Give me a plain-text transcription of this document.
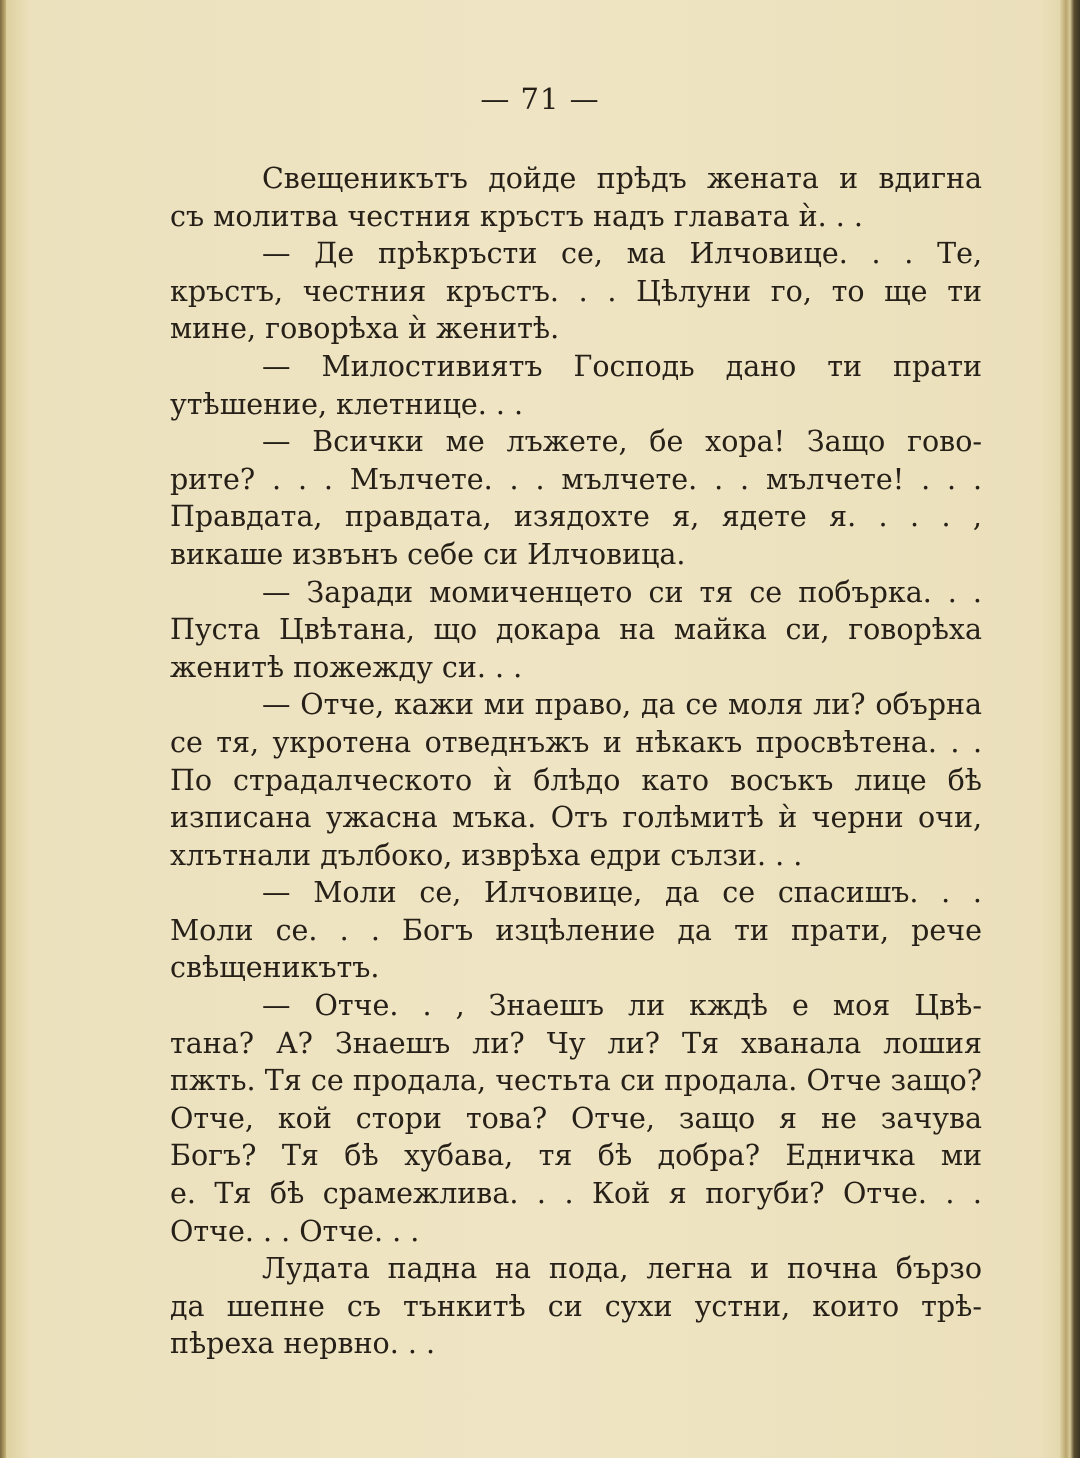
— 71 —
Свещеникътъ дойде прѣдъ жената и вдигна
съ молитва честния кръстъ надъ главата ѝ. . .
— Де прѣкръсти се, ма Илчовице. . . Те,
кръстъ, честния кръстъ. . . Цѣлуни го, то ще ти
мине, говорѣха ѝ женитѣ.
— Милостивиятъ Господь дано ти прати
утѣшение, клетнице. . .
— Всички ме лъжете, бе хора! Защо гово-
рите? . . . Мълчете. . . мълчете. . . мълчете! . . .
Правдата, правдата, изядохте я, ядете я. . . . ,
викаше извънъ себе си Илчовица.
— Заради момиченцето си тя се побърка. . .
Пуста Цвѣтана, що докара на майка си, говорѣха
женитѣ пожежду си. . .
— Отче, кажи ми право, да се моля ли? обърна
се тя, укротена отведнъжъ и нѣкакъ просвѣтена. . .
По страдалческото ѝ блѣдо като восъкъ лице бѣ
изписана ужасна мъка. Отъ голѣмитѣ ѝ черни очи,
хлътнали дълбоко, изврѣха едри сълзи. . .
— Моли се, Илчовице, да се спасишъ. . .
Моли се. . . Богъ изцѣление да ти прати, рече
свѣщеникътъ.
— Отче. . , Знаешъ ли кждѣ е моя Цвѣ-
тана? А? Знаешъ ли? Чу ли? Тя хванала лошия
пжть. Тя се продала, честьта си продала. Отче защо?
Отче, кой стори това? Отче, защо я не зачува
Богъ? Тя бѣ хубава, тя бѣ добра? Едничка ми
е. Тя бѣ срамежлива. . . Кой я погуби? Отче. . .
Отче. . . Отче. . .
Лудата падна на пода, легна и почна бързо
да шепне съ тънкитѣ си сухи устни, които трѣ-
пѣреха нервно. . .
